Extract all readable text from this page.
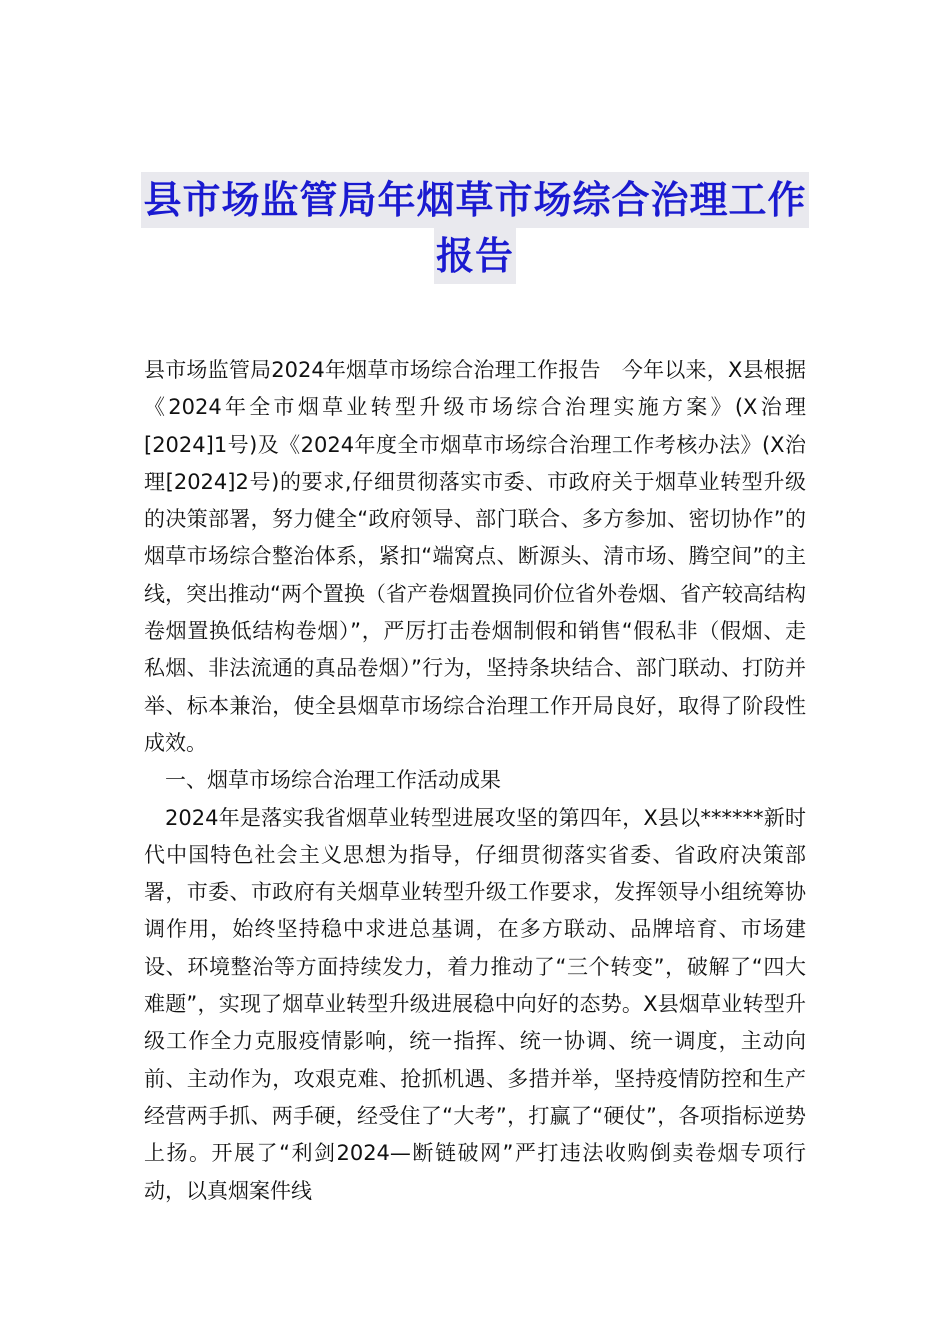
县市场监管局年烟草市场综合治理工作
报告

县市场监管局2024年烟草市场综合治理工作报告　今年以来，X县根据《2024年全市烟草业转型升级市场综合治理实施方案》(X治理[2024]1号)及《2024年度全市烟草市场综合治理工作考核办法》(X治理[2024]2号)的要求,仔细贯彻落实市委、市政府关于烟草业转型升级的决策部署，努力健全“政府领导、部门联合、多方参加、密切协作”的烟草市场综合整治体系，紧扣“端窝点、断源头、清市场、腾空间”的主线，突出推动“两个置换（省产卷烟置换同价位省外卷烟、省产较高结构卷烟置换低结构卷烟）”，严厉打击卷烟制假和销售“假私非（假烟、走私烟、非法流通的真品卷烟）”行为，坚持条块结合、部门联动、打防并举、标本兼治，使全县烟草市场综合治理工作开局良好，取得了阶段性成效。

一、烟草市场综合治理工作活动成果

2024年是落实我省烟草业转型进展攻坚的第四年，X县以******新时代中国特色社会主义思想为指导，仔细贯彻落实省委、省政府决策部署，市委、市政府有关烟草业转型升级工作要求，发挥领导小组统筹协调作用，始终坚持稳中求进总基调，在多方联动、品牌培育、市场建设、环境整治等方面持续发力，着力推动了“三个转变”，破解了“四大难题”，实现了烟草业转型升级进展稳中向好的态势。X县烟草业转型升级工作全力克服疫情影响，统一指挥、统一协调、统一调度，主动向前、主动作为，攻艰克难、抢抓机遇、多措并举，坚持疫情防控和生产经营两手抓、两手硬，经受住了“大考”，打赢了“硬仗”，各项指标逆势上扬。开展了“利剑2024—断链破网”严打违法收购倒卖卷烟专项行动，以真烟案件线
